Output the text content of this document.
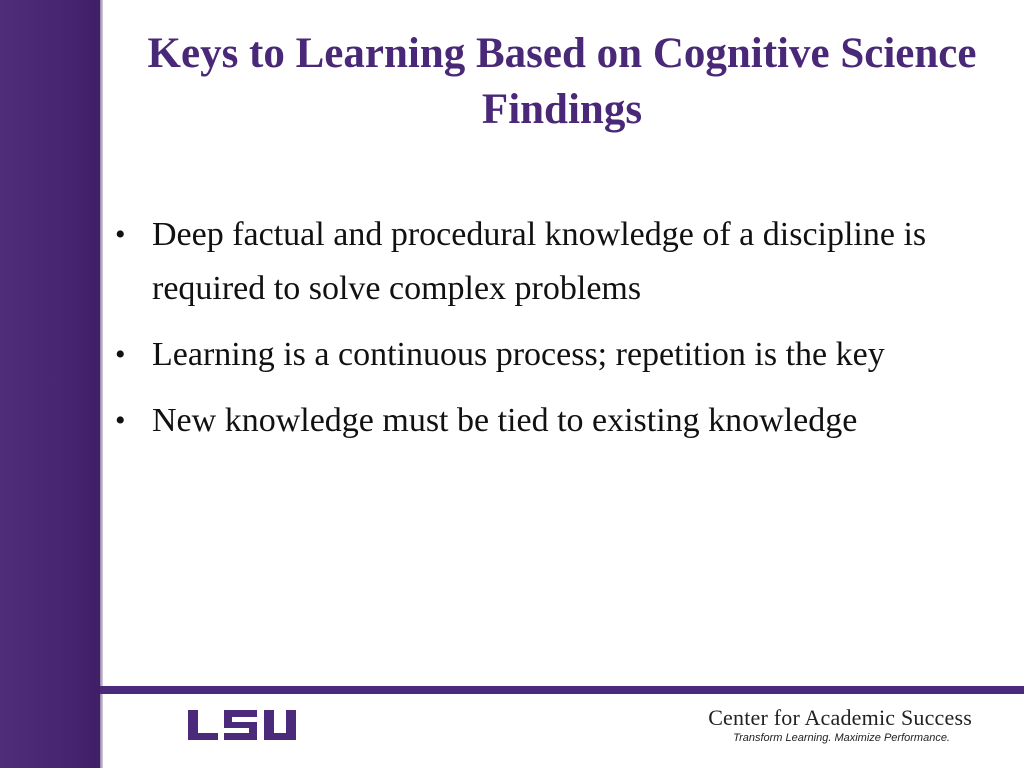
Keys to Learning Based on Cognitive Science Findings
• Deep factual and procedural knowledge of a discipline is required to solve complex problems
• Learning is a continuous process; repetition is the key
• New knowledge must be tied to existing knowledge
Center for Academic Success
Transform Learning. Maximize Performance.
